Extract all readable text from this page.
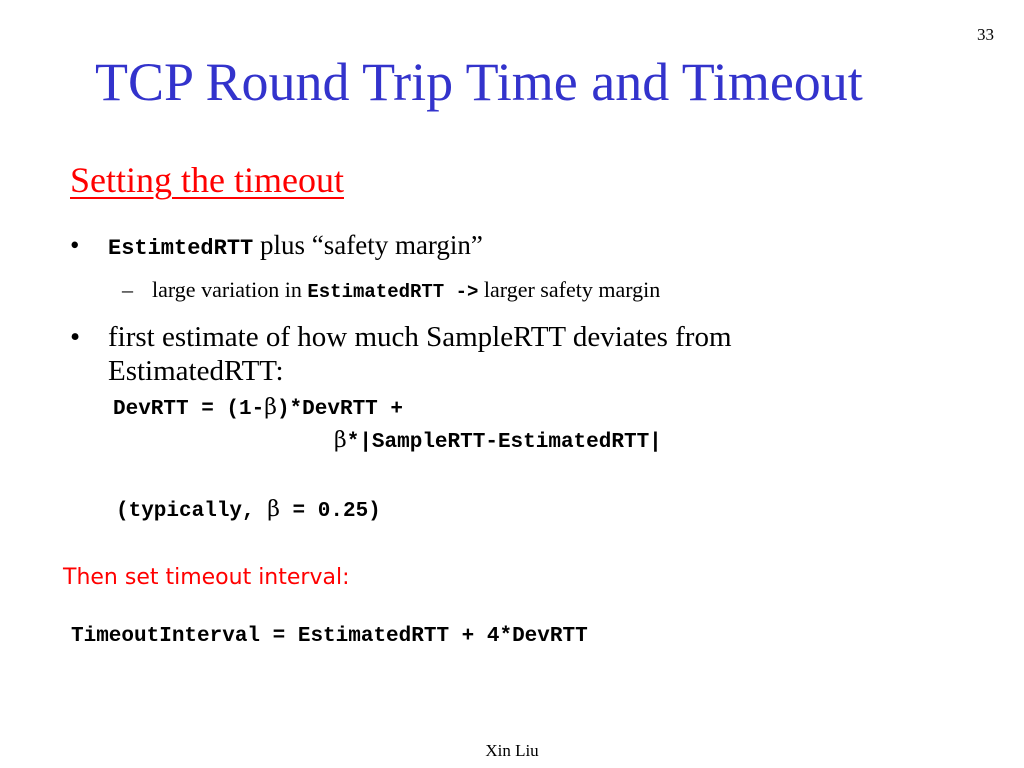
33
TCP Round Trip Time and Timeout
Setting the timeout
• EstimtedRTT plus “safety margin”
– large variation in EstimatedRTT -> larger safety margin
• first estimate of how much SampleRTT deviates from EstimatedRTT:
DevRTT = (1-β)*DevRTT +
β*|SampleRTT-EstimatedRTT|
(typically, β = 0.25)
Then set timeout interval:
TimeoutInterval = EstimatedRTT + 4*DevRTT
Xin Liu
